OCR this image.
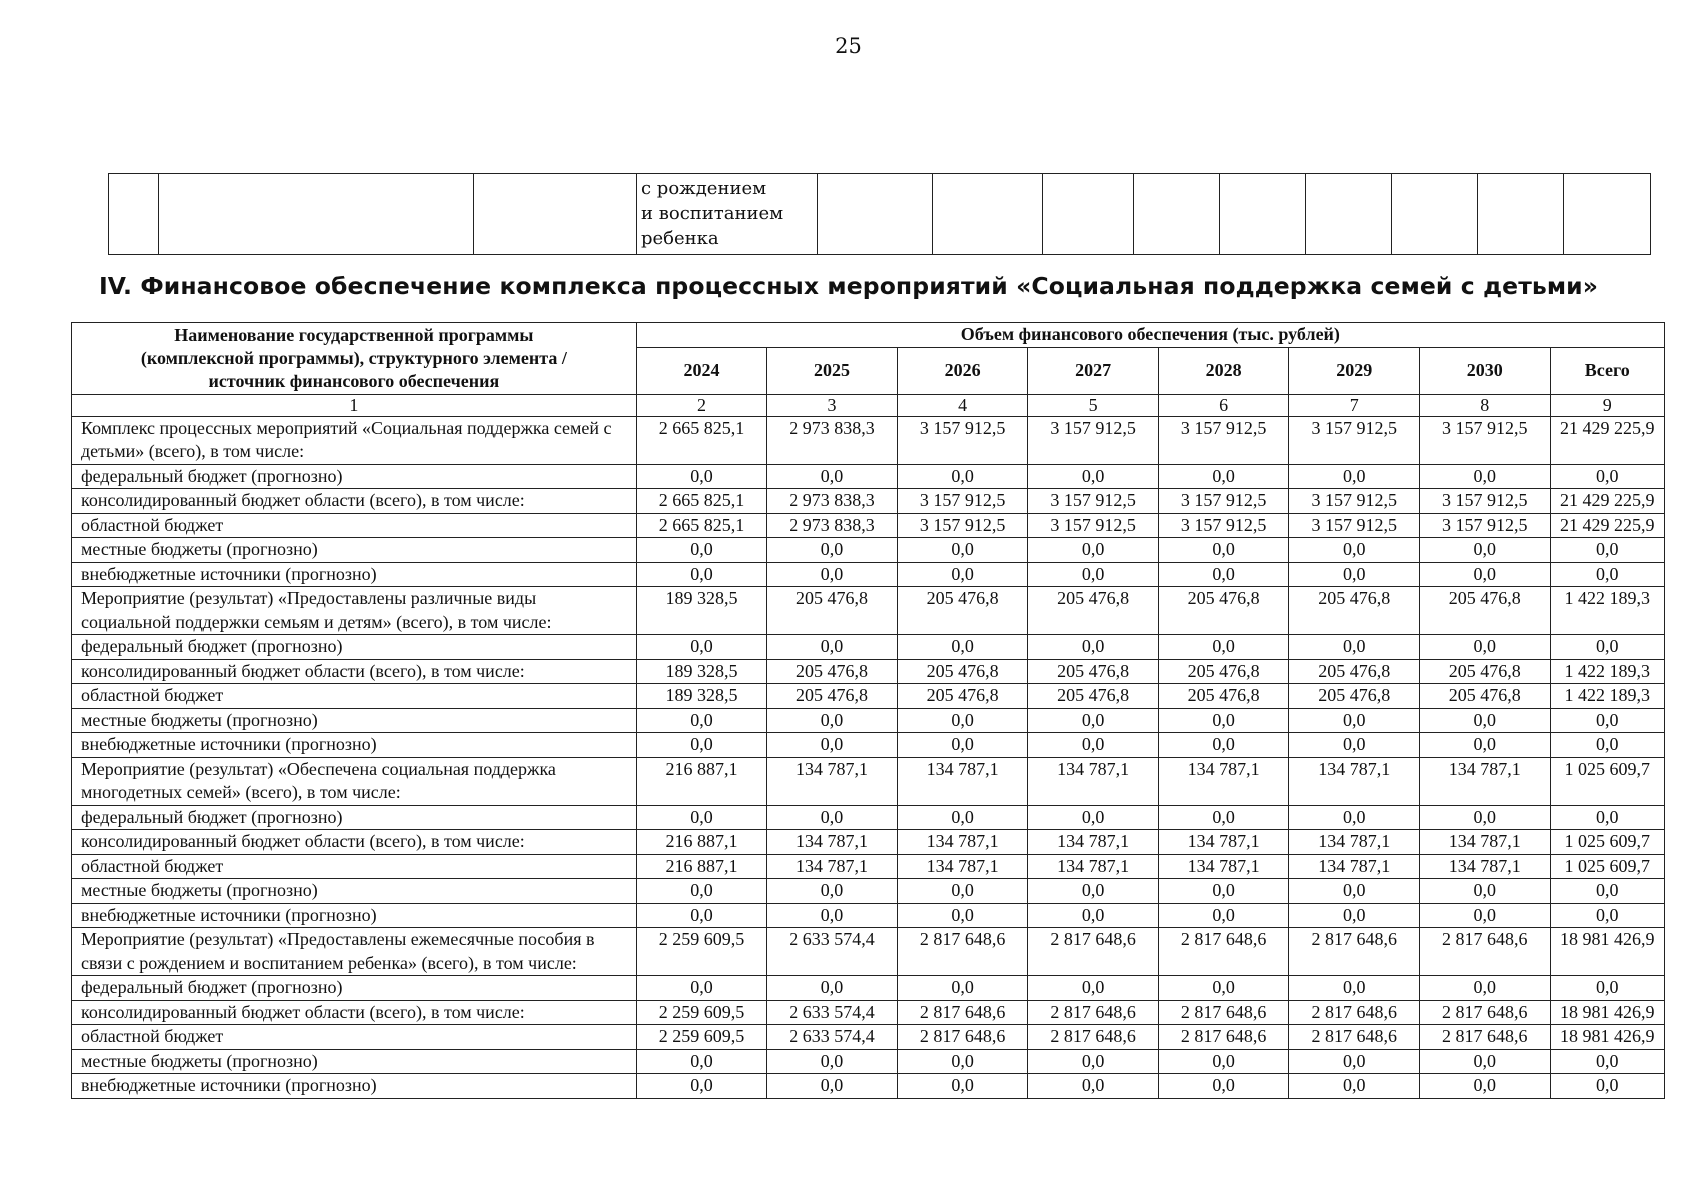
25

с рождением
и воспитанием
ребенка

IV. Финансовое обеспечение комплекса процессных мероприятий «Социальная поддержка семей с детьми»
Наименование государственной программы
(комплексной программы), структурного элемента /
источник финансового обеспечения	Объем финансового обеспечения (тыс. рублей)							
	2024	2025	2026	2027	2028	2029	2030	Всего
1	2	3	4	5	6	7	8	9
Комплекс процессных мероприятий «Социальная поддержка семей с детьми» (всего), в том числе:	2 665 825,1	2 973 838,3	3 157 912,5	3 157 912,5	3 157 912,5	3 157 912,5	3 157 912,5	21 429 225,9
федеральный бюджет (прогнозно)	0,0	0,0	0,0	0,0	0,0	0,0	0,0	0,0
консолидированный бюджет области (всего), в том числе:	2 665 825,1	2 973 838,3	3 157 912,5	3 157 912,5	3 157 912,5	3 157 912,5	3 157 912,5	21 429 225,9
областной бюджет	2 665 825,1	2 973 838,3	3 157 912,5	3 157 912,5	3 157 912,5	3 157 912,5	3 157 912,5	21 429 225,9
местные бюджеты (прогнозно)	0,0	0,0	0,0	0,0	0,0	0,0	0,0	0,0
внебюджетные источники (прогнозно)	0,0	0,0	0,0	0,0	0,0	0,0	0,0	0,0
Мероприятие (результат) «Предоставлены различные виды социальной поддержки семьям и детям» (всего), в том числе:	189 328,5	205 476,8	205 476,8	205 476,8	205 476,8	205 476,8	205 476,8	1 422 189,3
федеральный бюджет (прогнозно)	0,0	0,0	0,0	0,0	0,0	0,0	0,0	0,0
консолидированный бюджет области (всего), в том числе:	189 328,5	205 476,8	205 476,8	205 476,8	205 476,8	205 476,8	205 476,8	1 422 189,3
областной бюджет	189 328,5	205 476,8	205 476,8	205 476,8	205 476,8	205 476,8	205 476,8	1 422 189,3
местные бюджеты (прогнозно)	0,0	0,0	0,0	0,0	0,0	0,0	0,0	0,0
внебюджетные источники (прогнозно)	0,0	0,0	0,0	0,0	0,0	0,0	0,0	0,0
Мероприятие (результат) «Обеспечена социальная поддержка многодетных семей» (всего), в том числе:	216 887,1	134 787,1	134 787,1	134 787,1	134 787,1	134 787,1	134 787,1	1 025 609,7
федеральный бюджет (прогнозно)	0,0	0,0	0,0	0,0	0,0	0,0	0,0	0,0
консолидированный бюджет области (всего), в том числе:	216 887,1	134 787,1	134 787,1	134 787,1	134 787,1	134 787,1	134 787,1	1 025 609,7
областной бюджет	216 887,1	134 787,1	134 787,1	134 787,1	134 787,1	134 787,1	134 787,1	1 025 609,7
местные бюджеты (прогнозно)	0,0	0,0	0,0	0,0	0,0	0,0	0,0	0,0
внебюджетные источники (прогнозно)	0,0	0,0	0,0	0,0	0,0	0,0	0,0	0,0
Мероприятие (результат) «Предоставлены ежемесячные пособия в связи с рождением и воспитанием ребенка» (всего), в том числе:	2 259 609,5	2 633 574,4	2 817 648,6	2 817 648,6	2 817 648,6	2 817 648,6	2 817 648,6	18 981 426,9
федеральный бюджет (прогнозно)	0,0	0,0	0,0	0,0	0,0	0,0	0,0	0,0
консолидированный бюджет области (всего), в том числе:	2 259 609,5	2 633 574,4	2 817 648,6	2 817 648,6	2 817 648,6	2 817 648,6	2 817 648,6	18 981 426,9
областной бюджет	2 259 609,5	2 633 574,4	2 817 648,6	2 817 648,6	2 817 648,6	2 817 648,6	2 817 648,6	18 981 426,9
местные бюджеты (прогнозно)	0,0	0,0	0,0	0,0	0,0	0,0	0,0	0,0
внебюджетные источники (прогнозно)	0,0	0,0	0,0	0,0	0,0	0,0	0,0	0,0
